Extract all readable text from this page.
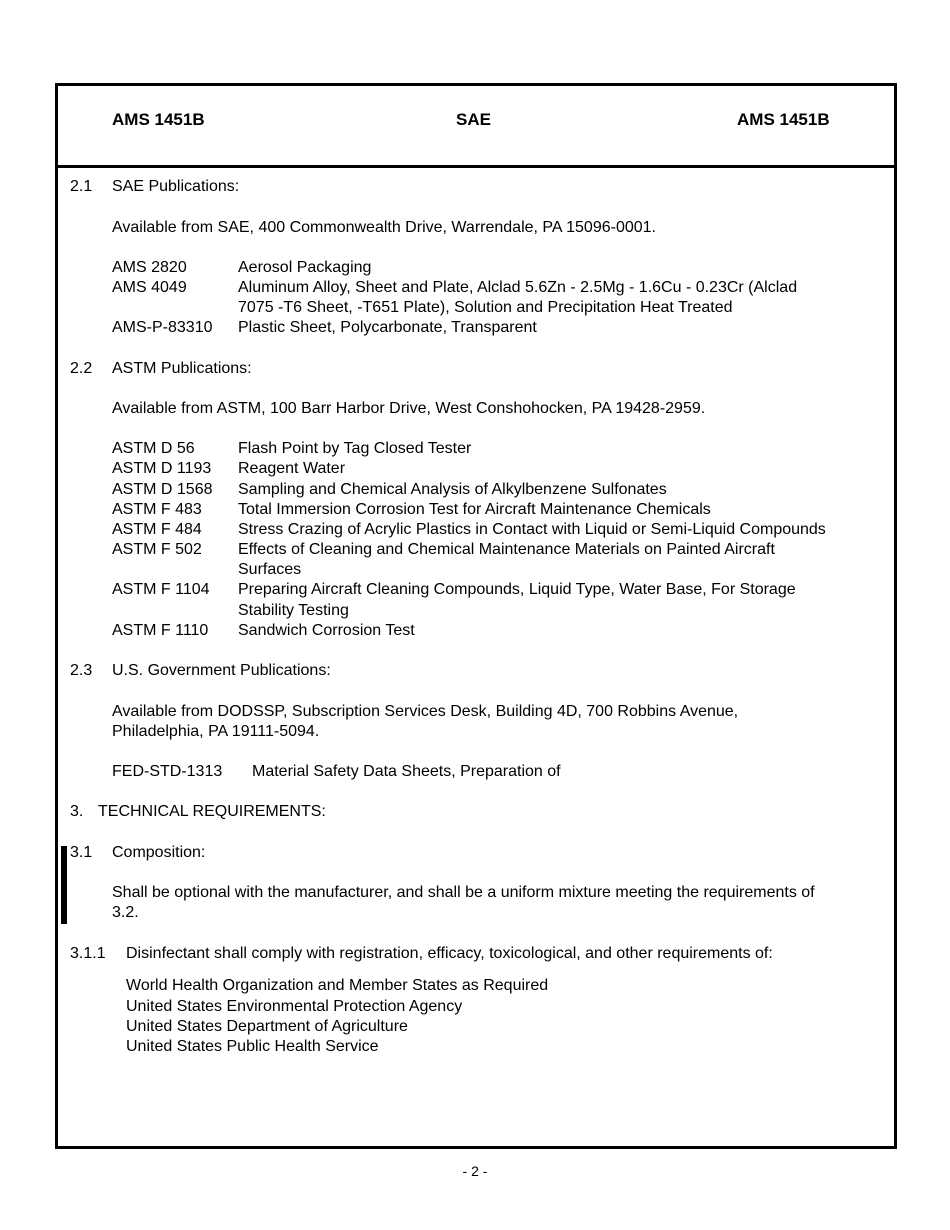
AMS 1451B	SAE	AMS 1451B
2.1 SAE Publications:
Available from SAE, 400 Commonwealth Drive, Warrendale, PA 15096-0001.
AMS 2820	Aerosol Packaging
AMS 4049	Aluminum Alloy, Sheet and Plate, Alclad 5.6Zn - 2.5Mg - 1.6Cu - 0.23Cr (Alclad
7075 -T6 Sheet, -T651 Plate), Solution and Precipitation Heat Treated
AMS-P-83310 Plastic Sheet, Polycarbonate, Transparent
2.2 ASTM Publications:
Available from ASTM, 100 Barr Harbor Drive, West Conshohocken, PA 19428-2959.
ASTM D 56	Flash Point by Tag Closed Tester
ASTM D 1193 Reagent Water
ASTM D 1568 Sampling and Chemical Analysis of Alkylbenzene Sulfonates
ASTM F 483 Total Immersion Corrosion Test for Aircraft Maintenance Chemicals
ASTM F 484 Stress Crazing of Acrylic Plastics in Contact with Liquid or Semi-Liquid Compounds
ASTM F 502 Effects of Cleaning and Chemical Maintenance Materials on Painted Aircraft
Surfaces
ASTM F 1104 Preparing Aircraft Cleaning Compounds, Liquid Type, Water Base, For Storage
Stability Testing
ASTM F 1110 Sandwich Corrosion Test
2.3 U.S. Government Publications:
Available from DODSSP, Subscription Services Desk, Building 4D, 700 Robbins Avenue,
Philadelphia, PA 19111-5094.
FED-STD-1313 Material Safety Data Sheets, Preparation of
3. TECHNICAL REQUIREMENTS:
3.1 Composition:
Shall be optional with the manufacturer, and shall be a uniform mixture meeting the requirements of
3.2.
3.1.1 Disinfectant shall comply with registration, efficacy, toxicological, and other requirements of:
World Health Organization and Member States as Required
United States Environmental Protection Agency
United States Department of Agriculture
United States Public Health Service
- 2 -
